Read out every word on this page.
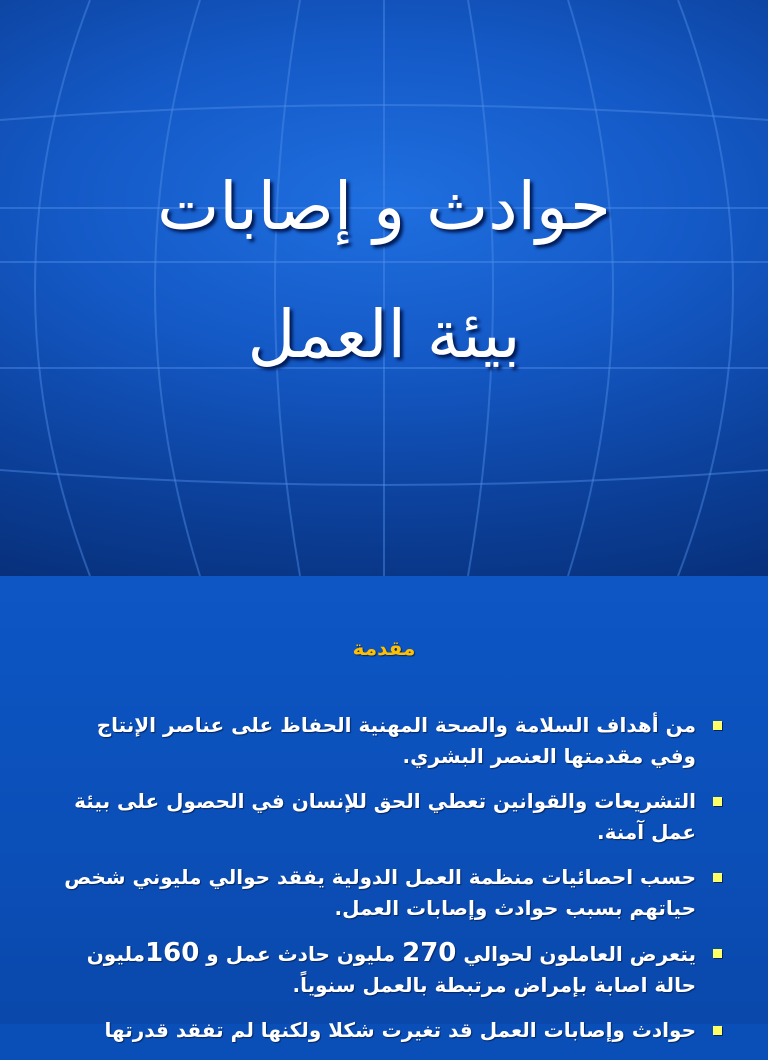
حوادث و إصابات
بيئة العمل
مقدمة
من أهداف السلامة والصحة المهنية الحفاظ على عناصر الإنتاج وفي مقدمتها العنصر البشري.
التشريعات والقوانين تعطي الحق للإنسان في الحصول على بيئة عمل آمنة.
حسب احصائيات منظمة العمل الدولية يفقد حوالي مليوني شخص حياتهم بسبب حوادث وإصابات العمل.
يتعرض العاملون لحوالي 270 مليون حادث عمل و 160مليون حالة اصابة بإمراض مرتبطة بالعمل سنوياً.
حوادث وإصابات العمل قد تغيرت شكلا ولكنها لم تفقد قدرتها
